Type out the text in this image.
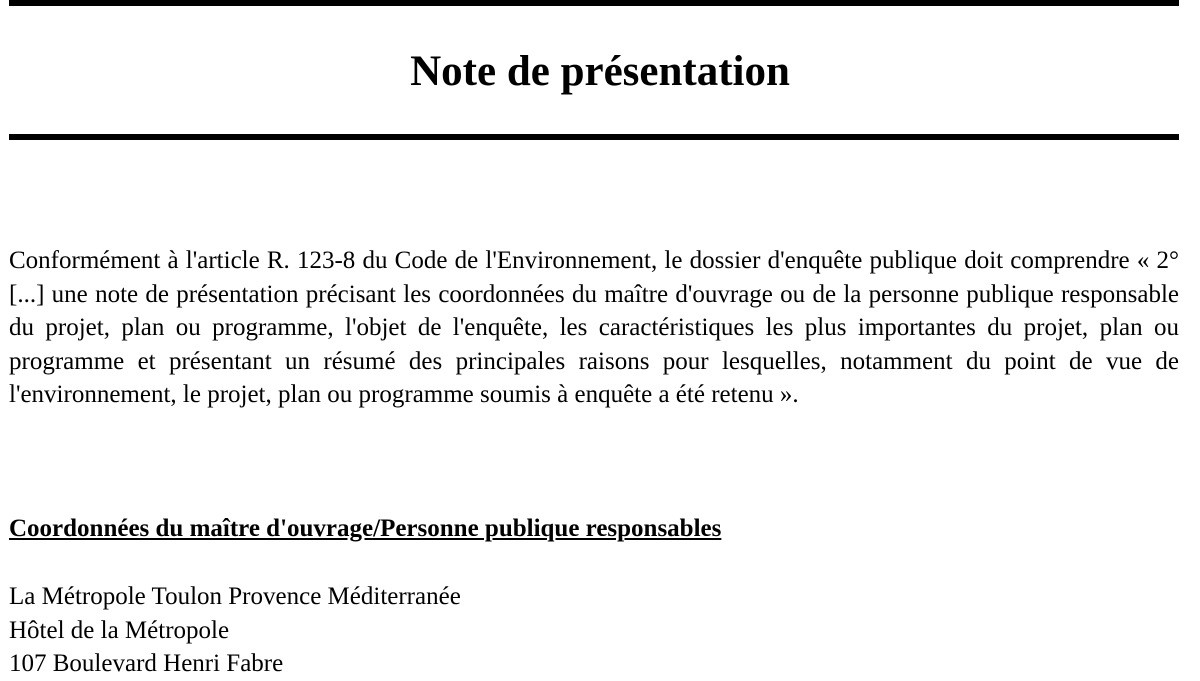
Note de présentation

Conformément à l'article R. 123-8 du Code de l'Environnement, le dossier d'enquête publique doit comprendre « 2°[...] une note de présentation précisant les coordonnées du maître d'ouvrage ou de la personne publique responsable du projet, plan ou programme, l'objet de l'enquête, les caractéristiques les plus importantes du projet, plan ou programme et présentant un résumé des principales raisons pour lesquelles, notamment du point de vue de l'environnement, le projet, plan ou programme soumis à enquête a été retenu ».

Coordonnées du maître d'ouvrage/Personne publique responsables
La Métropole Toulon Provence Méditerranée
Hôtel de la Métropole
107 Boulevard Henri Fabre
